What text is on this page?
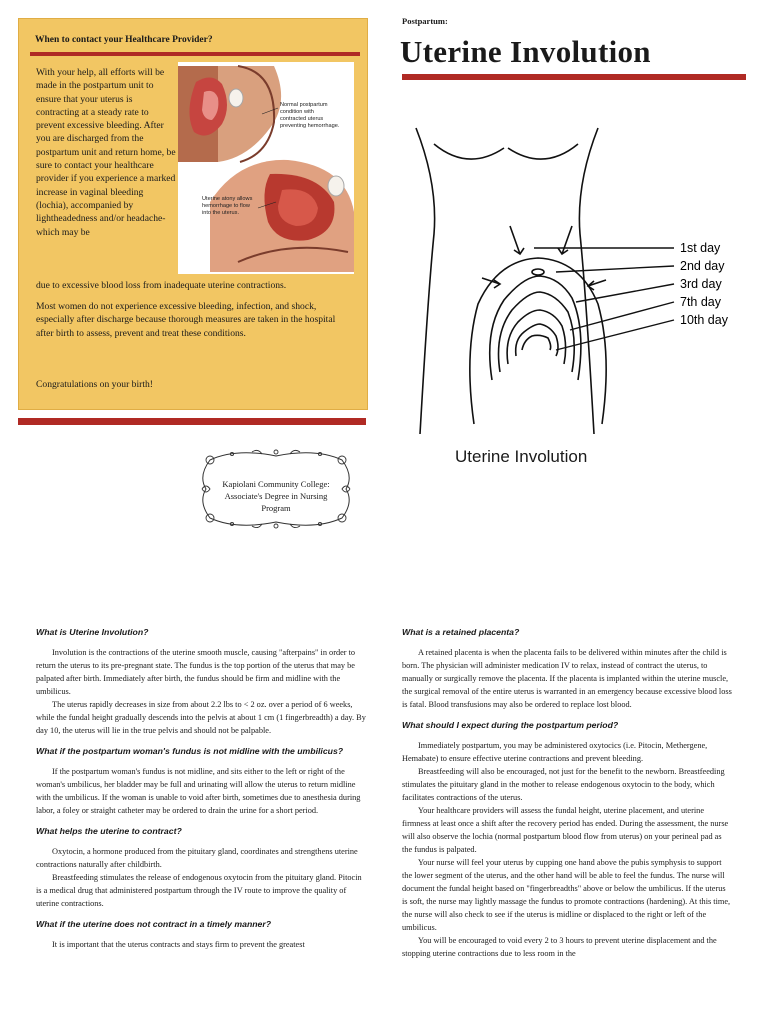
When to contact your Healthcare Provider?
With your help, all efforts will be made in the postpartum unit to ensure that your uterus is contracting at a steady rate to prevent excessive bleeding. After you are discharged from the postpartum unit and return home, be sure to contact your healthcare provider if you experience a marked increase in vaginal bleeding (lochia), accompanied by lightheadedness and/or headache- which may be
due to excessive blood loss from inadequate uterine contractions.
Most women do not experience excessive bleeding, infection, and shock, especially after discharge because thorough measures are taken in the hospital after birth to assess, prevent and treat these conditions.
Congratulations on your birth!
Normal postpartum condition with contracted uterus preventing hemorrhage.
Uterine atony allows hemorrhage to flow into the uterus.
Kapiolani Community College:
Associate's Degree in Nursing
Program
Postpartum:
Uterine Involution
1st day
2nd day
3rd day
7th day
10th day
Uterine Involution
What is Uterine Involution?

Involution is the contractions of the uterine smooth muscle, causing "afterpains" in order to return the uterus to its pre-pregnant state. The fundus is the top portion of the uterus that may be palpated after birth. Immediately after birth, the fundus should be firm and midline with the umbilicus.

The uterus rapidly decreases in size from about 2.2 lbs to < 2 oz. over a period of 6 weeks, while the fundal height gradually descends into the pelvis at about 1 cm (1 fingerbreadth) a day. By day 10, the uterus will lie in the true pelvis and should not be palpable.

What if the postpartum woman's fundus is not midline with the umbilicus?

If the postpartum woman's fundus is not midline, and sits either to the left or right of the woman's umbilicus, her bladder may be full and urinating will allow the uterus to return midline with the umbilicus. If the woman is unable to void after birth, sometimes due to anesthesia during labor, a foley or straight catheter may be ordered to drain the urine for a short period.

What helps the uterine to contract?

Oxytocin, a hormone produced from the pituitary gland, coordinates and strengthens uterine contractions naturally after childbirth.

Breastfeeding stimulates the release of endogenous oxytocin from the pituitary gland. Pitocin is a medical drug that administered postpartum through the IV route to improve the quality of uterine contractions.

What if the uterine does not contract in a timely manner?

It is important that the uterus contracts and stays firm to prevent the greatest

What is a retained placenta?

A retained placenta is when the placenta fails to be delivered within minutes after the child is born. The physician will administer medication IV to relax, instead of contract the uterus, to manually or surgically remove the placenta. If the placenta is implanted within the uterine muscle, the surgical removal of the entire uterus is warranted in an emergency because excessive blood loss is fatal. Blood transfusions may also be ordered to replace lost blood.

What should I expect during the postpartum period?

Immediately postpartum, you may be administered oxytocics (i.e. Pitocin, Methergene, Hemabate) to ensure effective uterine contractions and prevent bleeding.

Breastfeeding will also be encouraged, not just for the benefit to the newborn. Breastfeeding stimulates the pituitary gland in the mother to release endogenous oxytocin to the body, which facilitates contractions of the uterus.

Your healthcare providers will assess the fundal height, uterine placement, and uterine firmness at least once a shift after the recovery period has ended. During the assessment, the nurse will also observe the lochia (normal postpartum blood flow from uterus) on your perineal pad as the fundus is palpated.

Your nurse will feel your uterus by cupping one hand above the pubis symphysis to support the lower segment of the uterus, and the other hand will be able to feel the fundus. The nurse will document the fundal height based on "fingerbreadths" above or below the umbilicus. If the uterus is soft, the nurse may lightly massage the fundus to promote contractions (hardening). At this time, the nurse will also check to see if the uterus is midline or displaced to the right or left of the umbilicus.

You will be encouraged to void every 2 to 3 hours to prevent uterine displacement and the stopping uterine contractions due to less room in the
